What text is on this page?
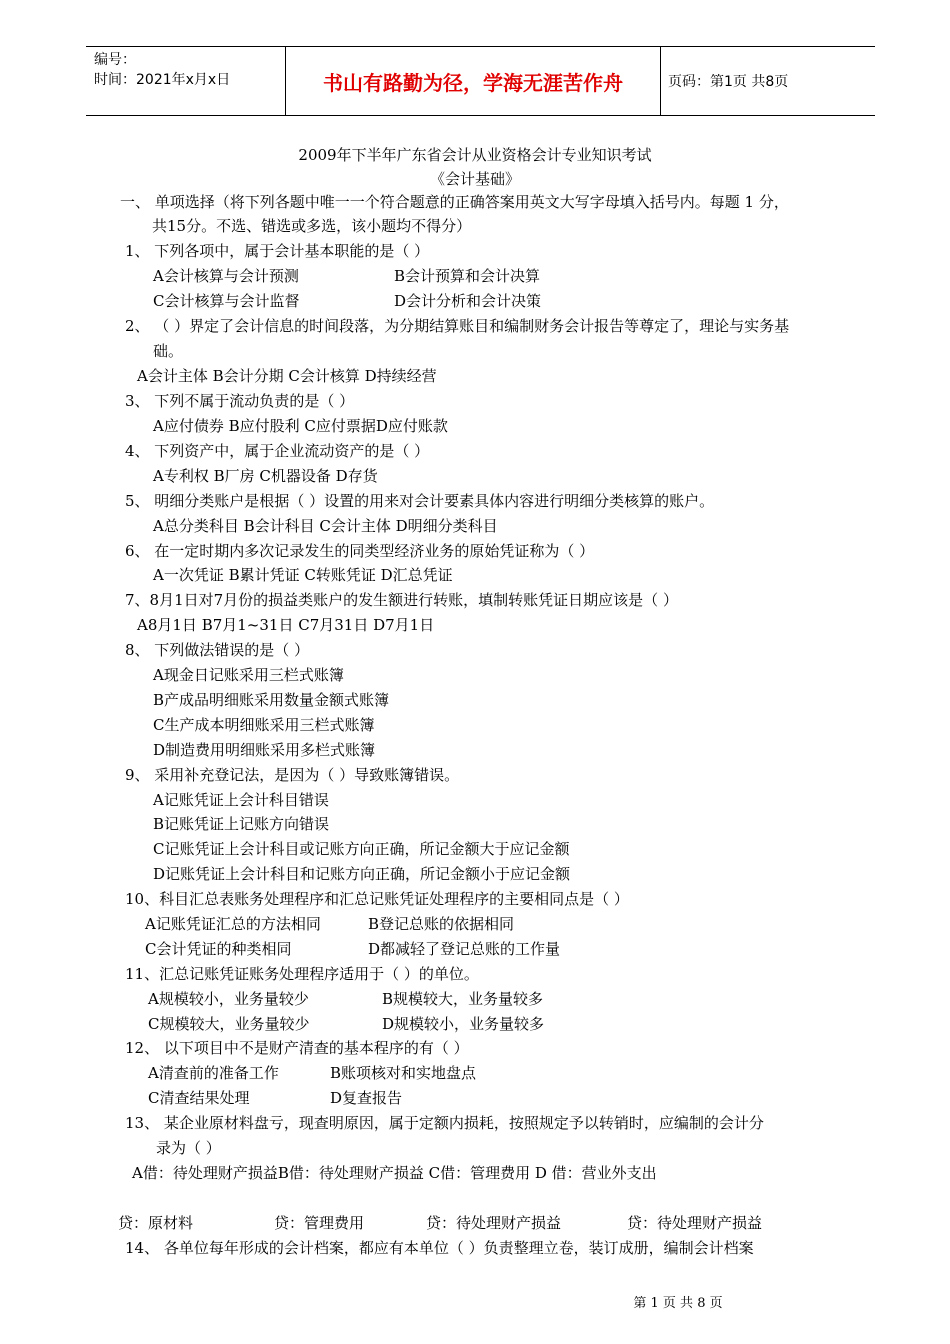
编号：
时间：2021年x月x日	书山有路勤为径，学海无涯苦作舟	页码：第1页 共8页
2009年下半年广东省会计从业资格会计专业知识考试
《会计基础》
一、 单项选择（将下列各题中唯一一个符合题意的正确答案用英文大写字母填入括号内。每题 1 分，
共15分。不选、错选或多选，该小题均不得分）
1、 下列各项中，属于会计基本职能的是（ ）
A会计核算与会计预测	B会计预算和会计决算
C会计核算与会计监督	D会计分析和会计决策
2、 （ ）界定了会计信息的时间段落，为分期结算账目和编制财务会计报告等尊定了，理论与实务基
础。
A会计主体 B会计分期 C会计核算 D持续经营
3、 下列不属于流动负责的是（ ）
A应付债券 B应付股利 C应付票据D应付账款
4、 下列资产中，属于企业流动资产的是（ ）
A专利权 B厂房 C机器设备 D存货
5、 明细分类账户是根据（ ）设置的用来对会计要素具体内容进行明细分类核算的账户。
A总分类科目 B会计科目 C会计主体 D明细分类科目
6、 在一定时期内多次记录发生的同类型经济业务的原始凭证称为（ ）
A一次凭证 B累计凭证 C转账凭证 D汇总凭证
7、8月1日对7月份的损益类账户的发生额进行转账，填制转账凭证日期应该是（ ）
A8月1日 B7月1~31日 C7月31日 D7月1日
8、 下列做法错误的是（ ）
A现金日记账采用三栏式账簿
B产成品明细账采用数量金额式账簿
C生产成本明细账采用三栏式账簿
D制造费用明细账采用多栏式账簿
9、 采用补充登记法，是因为（ ）导致账簿错误。
A记账凭证上会计科目错误
B记账凭证上记账方向错误
C记账凭证上会计科目或记账方向正确，所记金额大于应记金额
D记账凭证上会计科目和记账方向正确，所记金额小于应记金额
10、科目汇总表账务处理程序和汇总记账凭证处理程序的主要相同点是（ ）
A记账凭证汇总的方法相同	B登记总账的依据相同
C会计凭证的种类相同	D都减轻了登记总账的工作量
11、汇总记账凭证账务处理程序适用于（ ）的单位。
A规模较小，业务量较少	B规模较大，业务量较多
C规模较大，业务量较少	D规模较小，业务量较多
12、 以下项目中不是财产清查的基本程序的有（ ）
A清查前的准备工作	B账项核对和实地盘点
C清查结果处理	D复查报告
13、 某企业原材料盘亏，现查明原因，属于定额内损耗，按照规定予以转销时，应编制的会计分
录为（ ）
A借：待处理财产损益B借：待处理财产损益 C借：管理费用 D 借：营业外支出
贷：原材料	贷：管理费用	贷：待处理财产损益	贷：待处理财产损益
14、 各单位每年形成的会计档案，都应有本单位（ ）负责整理立卷，装订成册，编制会计档案
第 1 页 共 8 页
